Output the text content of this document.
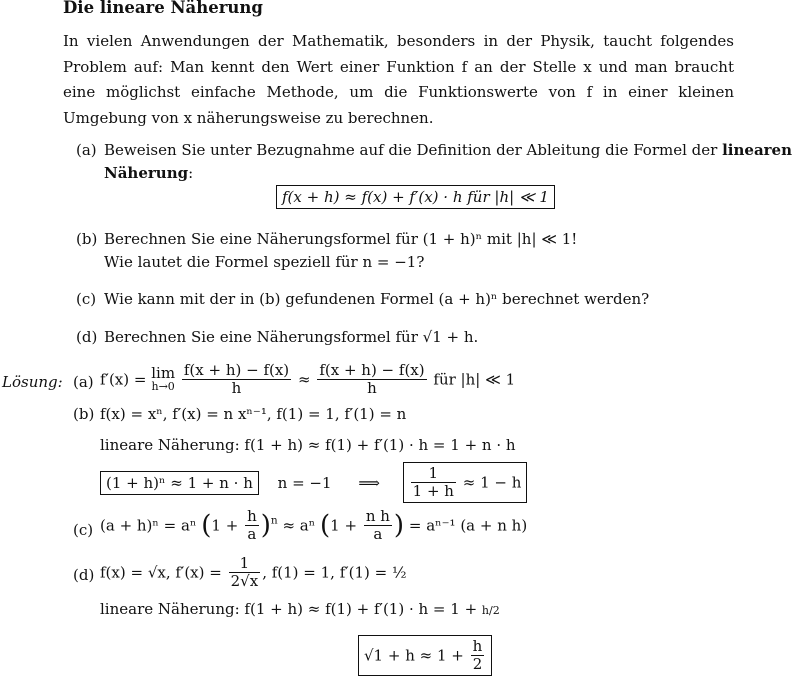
Die lineare Näherung
In vielen Anwendungen der Mathematik, besonders in der Physik, taucht folgendes Problem auf: Man kennt den Wert einer Funktion f an der Stelle x und man braucht eine möglichst einfache Methode, um die Funktionswerte von f in einer kleinen Umgebung von x näherungsweise zu berechnen.
(a) Beweisen Sie unter Bezugnahme auf die Definition der Ableitung die Formel der linearen
Näherung:
f(x + h) ≈ f(x) + f′(x) · h für |h| ≪ 1
(b) Berechnen Sie eine Näherungsformel für (1 + h)ⁿ mit |h| ≪ 1!
Wie lautet die Formel speziell für n = −1?
(c) Wie kann mit der in (b) gefundenen Formel (a + h)ⁿ berechnet werden?
(d) Berechnen Sie eine Näherungsformel für √1 + h.
Lösung: (a) f′(x) = lim
h→0
$\frac{f(x + h) - f(x)}{h} \approx \frac{f(x + h) - f(x)}{h}$ für |h| ≪ 1
(b) f(x) = xⁿ, f′(x) = n xⁿ⁻¹, f(1) = 1, f′(1) = n
lineare Näherung: f(1 + h) ≈ f(1) + f′(1) · h = 1 + n · h
(1 + h)ⁿ ≈ 1 + n · h n = −1 ⟹ $\frac{1}{1 + h} \approx 1 - h$
(c) (a + h)ⁿ = aⁿ $(1 + \frac{h}{a} )^n \approx a^n$ ($1 + \frac{\text{n h}}{a}$ ) = aⁿ⁻¹ (a + n h)
(d) f(x) = √x, $f'(x) = \frac{1}{2√x}$ , f(1) = 1, f′(1) = ½
lineare Näherung: f(1 + h) ≈ f(1) + f′(1) · h = 1 + h/2
$√1 + h \approx 1 + \frac{h}{2}$
